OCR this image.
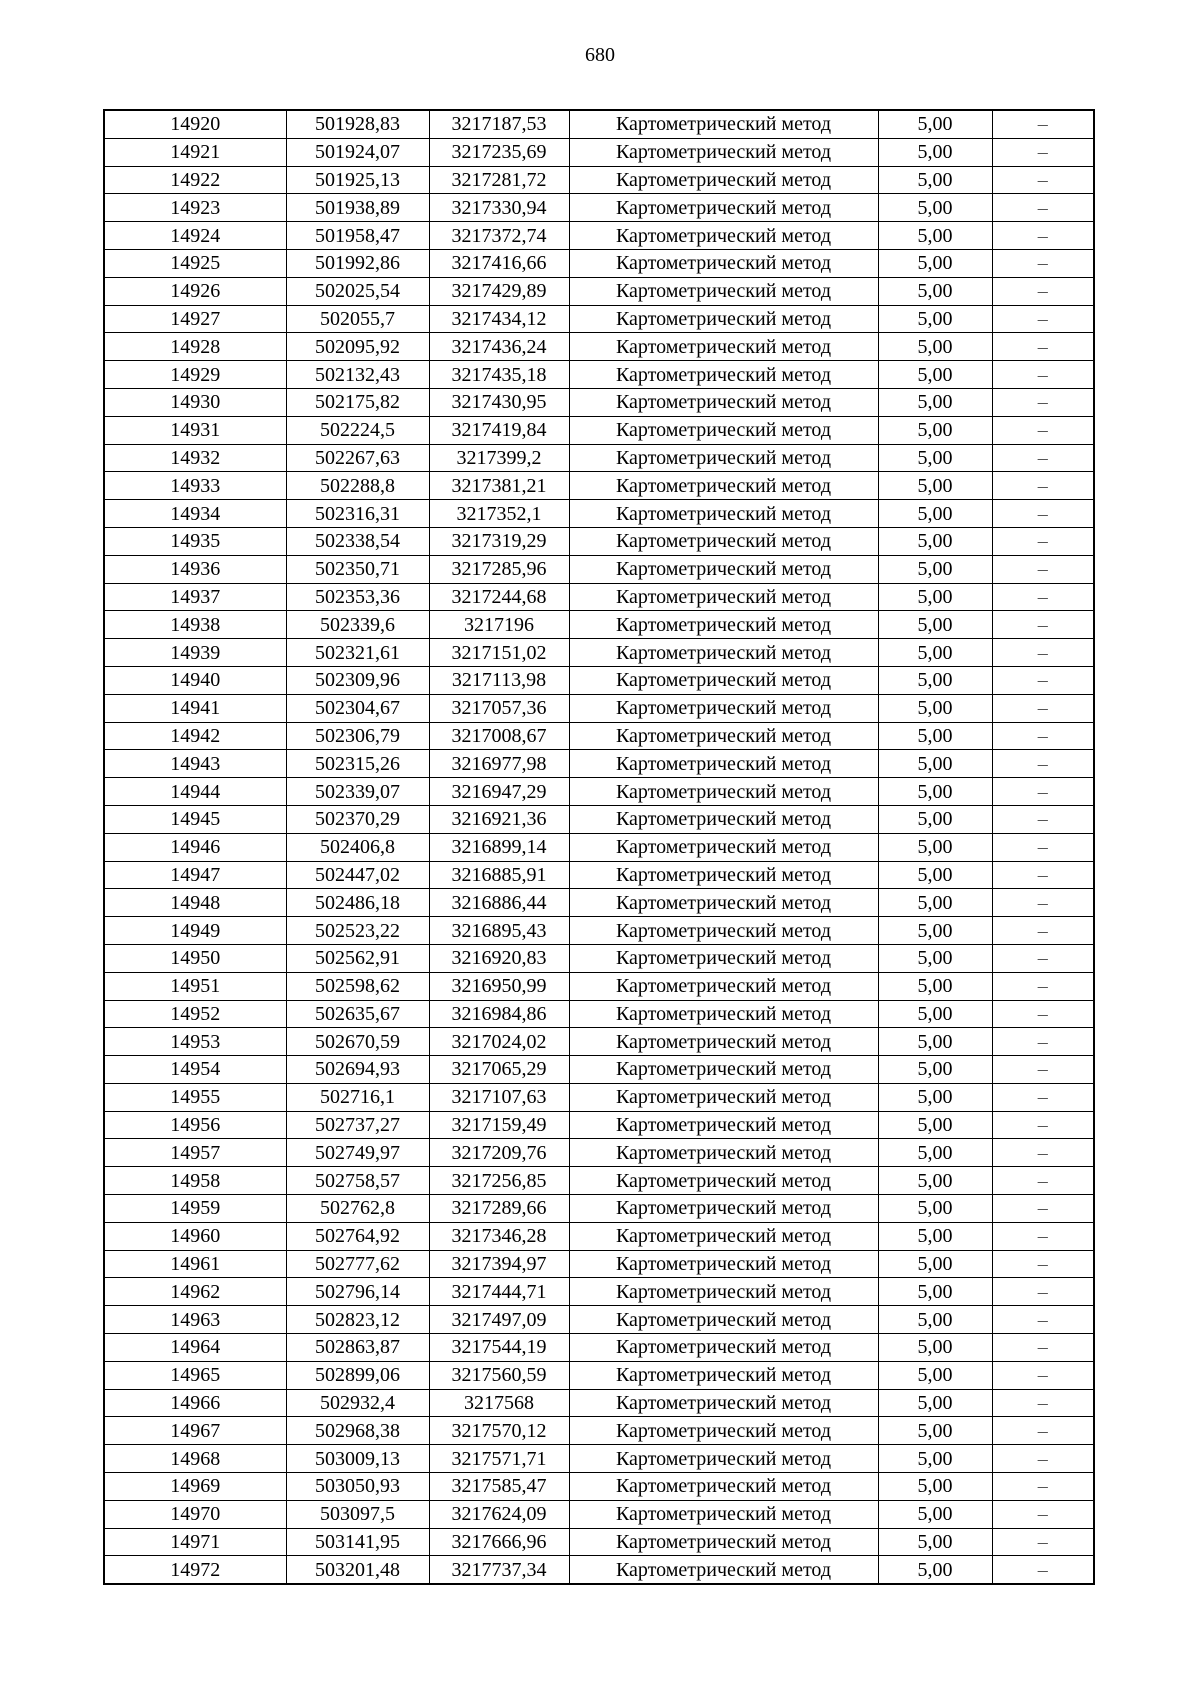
680
14920	501928,83	3217187,53	Картометрический метод	5,00	–
14921	501924,07	3217235,69	Картометрический метод	5,00	–
14922	501925,13	3217281,72	Картометрический метод	5,00	–
14923	501938,89	3217330,94	Картометрический метод	5,00	–
14924	501958,47	3217372,74	Картометрический метод	5,00	–
14925	501992,86	3217416,66	Картометрический метод	5,00	–
14926	502025,54	3217429,89	Картометрический метод	5,00	–
14927	502055,7	3217434,12	Картометрический метод	5,00	–
14928	502095,92	3217436,24	Картометрический метод	5,00	–
14929	502132,43	3217435,18	Картометрический метод	5,00	–
14930	502175,82	3217430,95	Картометрический метод	5,00	–
14931	502224,5	3217419,84	Картометрический метод	5,00	–
14932	502267,63	3217399,2	Картометрический метод	5,00	–
14933	502288,8	3217381,21	Картометрический метод	5,00	–
14934	502316,31	3217352,1	Картометрический метод	5,00	–
14935	502338,54	3217319,29	Картометрический метод	5,00	–
14936	502350,71	3217285,96	Картометрический метод	5,00	–
14937	502353,36	3217244,68	Картометрический метод	5,00	–
14938	502339,6	3217196	Картометрический метод	5,00	–
14939	502321,61	3217151,02	Картометрический метод	5,00	–
14940	502309,96	3217113,98	Картометрический метод	5,00	–
14941	502304,67	3217057,36	Картометрический метод	5,00	–
14942	502306,79	3217008,67	Картометрический метод	5,00	–
14943	502315,26	3216977,98	Картометрический метод	5,00	–
14944	502339,07	3216947,29	Картометрический метод	5,00	–
14945	502370,29	3216921,36	Картометрический метод	5,00	–
14946	502406,8	3216899,14	Картометрический метод	5,00	–
14947	502447,02	3216885,91	Картометрический метод	5,00	–
14948	502486,18	3216886,44	Картометрический метод	5,00	–
14949	502523,22	3216895,43	Картометрический метод	5,00	–
14950	502562,91	3216920,83	Картометрический метод	5,00	–
14951	502598,62	3216950,99	Картометрический метод	5,00	–
14952	502635,67	3216984,86	Картометрический метод	5,00	–
14953	502670,59	3217024,02	Картометрический метод	5,00	–
14954	502694,93	3217065,29	Картометрический метод	5,00	–
14955	502716,1	3217107,63	Картометрический метод	5,00	–
14956	502737,27	3217159,49	Картометрический метод	5,00	–
14957	502749,97	3217209,76	Картометрический метод	5,00	–
14958	502758,57	3217256,85	Картометрический метод	5,00	–
14959	502762,8	3217289,66	Картометрический метод	5,00	–
14960	502764,92	3217346,28	Картометрический метод	5,00	–
14961	502777,62	3217394,97	Картометрический метод	5,00	–
14962	502796,14	3217444,71	Картометрический метод	5,00	–
14963	502823,12	3217497,09	Картометрический метод	5,00	–
14964	502863,87	3217544,19	Картометрический метод	5,00	–
14965	502899,06	3217560,59	Картометрический метод	5,00	–
14966	502932,4	3217568	Картометрический метод	5,00	–
14967	502968,38	3217570,12	Картометрический метод	5,00	–
14968	503009,13	3217571,71	Картометрический метод	5,00	–
14969	503050,93	3217585,47	Картометрический метод	5,00	–
14970	503097,5	3217624,09	Картометрический метод	5,00	–
14971	503141,95	3217666,96	Картометрический метод	5,00	–
14972	503201,48	3217737,34	Картометрический метод	5,00	–
